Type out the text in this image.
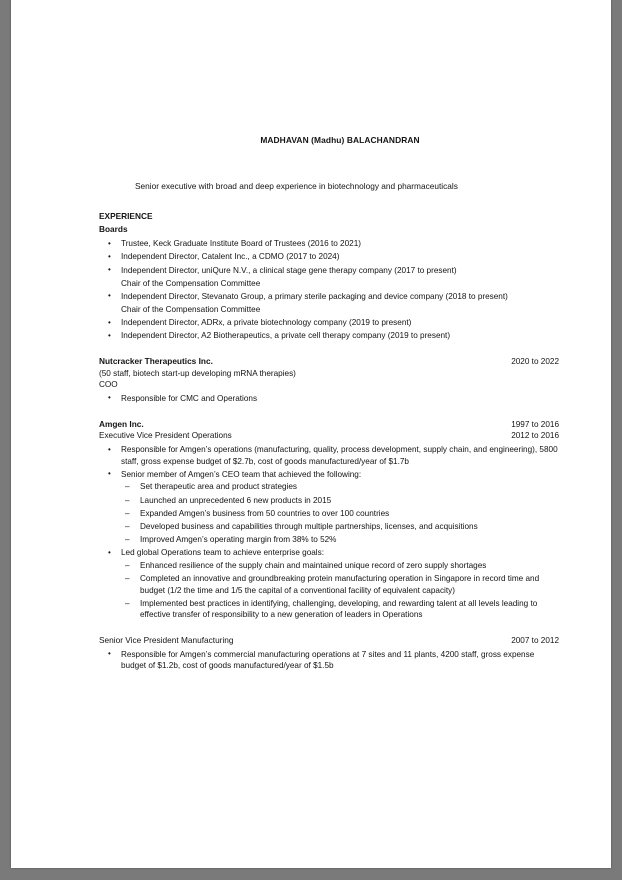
MADHAVAN (Madhu) BALACHANDRAN
Senior executive with broad and deep experience in biotechnology and pharmaceuticals
EXPERIENCE
Boards
• Trustee, Keck Graduate Institute Board of Trustees (2016 to 2021)
• Independent Director, Catalent Inc., a CDMO (2017 to 2024)
• Independent Director, uniQure N.V., a clinical stage gene therapy company (2017 to present)
Chair of the Compensation Committee
• Independent Director, Stevanato Group, a primary sterile packaging and device company (2018 to present)
Chair of the Compensation Committee
• Independent Director, ADRx, a private biotechnology company (2019 to present)
• Independent Director, A2 Biotherapeutics, a private cell therapy company (2019 to present)
Nutcracker Therapeutics Inc.	2020 to 2022
(50 staff, biotech start-up developing mRNA therapies)
COO
• Responsible for CMC and Operations
Amgen Inc.	1997 to 2016
Executive Vice President Operations	2012 to 2016
• Responsible for Amgen’s operations (manufacturing, quality, process development, supply chain, and engineering), 5800 staff, gross expense budget of $2.7b, cost of goods manufactured/year of $1.7b
• Senior member of Amgen’s CEO team that achieved the following:
– Set therapeutic area and product strategies
– Launched an unprecedented 6 new products in 2015
– Expanded Amgen’s business from 50 countries to over 100 countries
– Developed business and capabilities through multiple partnerships, licenses, and acquisitions
– Improved Amgen’s operating margin from 38% to 52%
• Led global Operations team to achieve enterprise goals:
– Enhanced resilience of the supply chain and maintained unique record of zero supply shortages
– Completed an innovative and groundbreaking protein manufacturing operation in Singapore in record time and budget (1/2 the time and 1/5 the capital of a conventional facility of equivalent capacity)
– Implemented best practices in identifying, challenging, developing, and rewarding talent at all levels leading to effective transfer of responsibility to a new generation of leaders in Operations
Senior Vice President Manufacturing	2007 to 2012
• Responsible for Amgen’s commercial manufacturing operations at 7 sites and 11 plants, 4200 staff, gross expense budget of $1.2b, cost of goods manufactured/year of $1.5b
